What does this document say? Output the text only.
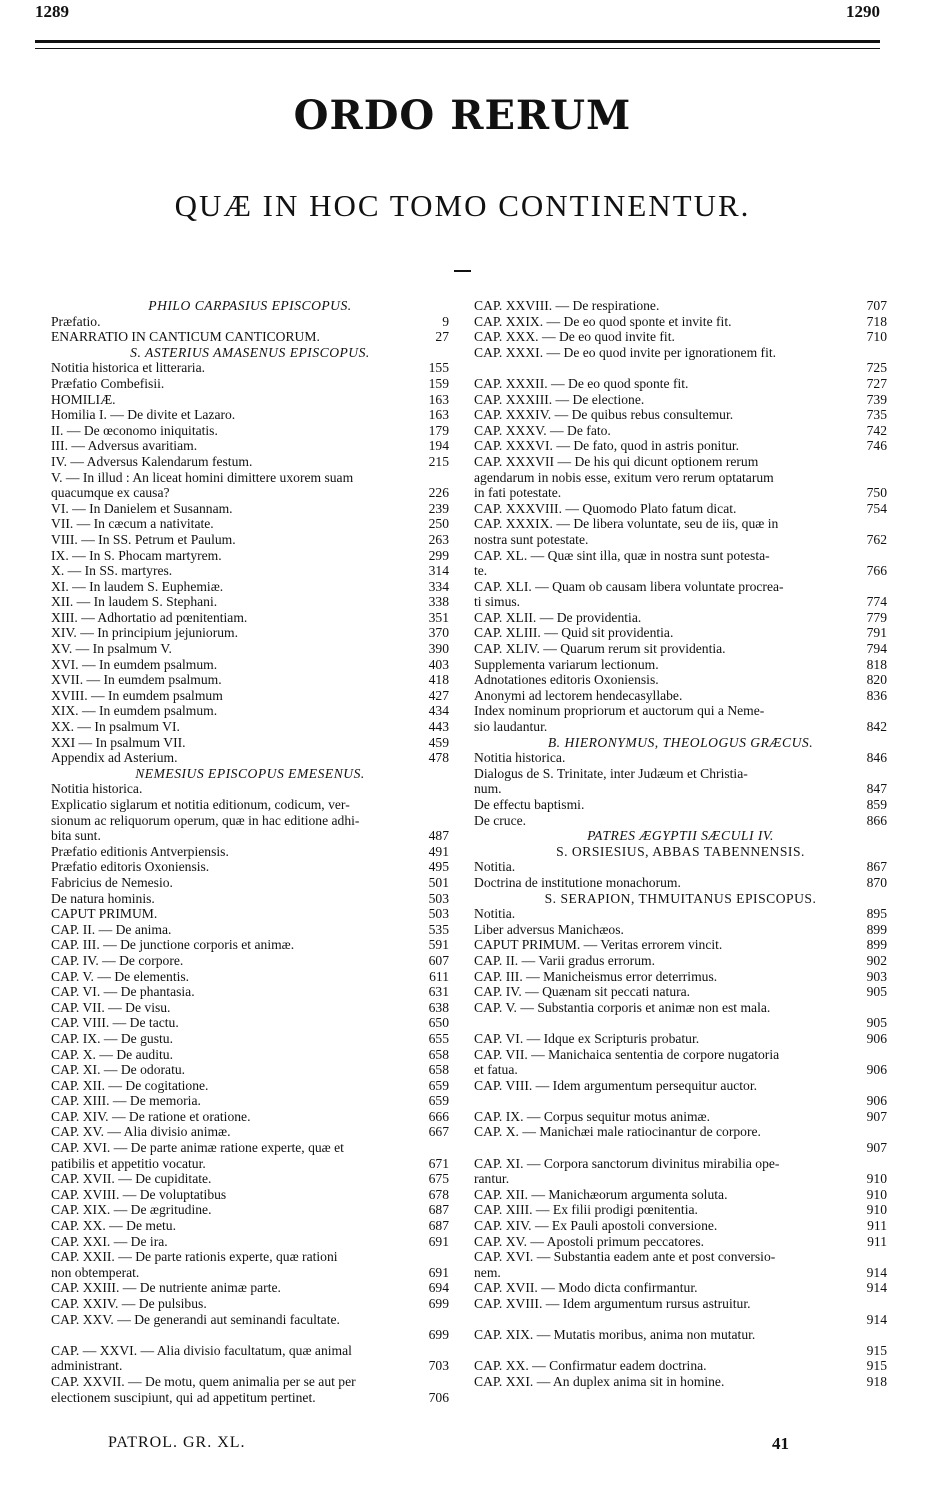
1289	1290
ORDO RERUM
QUÆ IN HOC TOMO CONTINENTUR.
PHILO CARPASIUS EPISCOPUS.
Præfatio.	9
ENARRATIO IN CANTICUM CANTICORUM.	27
S. ASTERIUS AMASENUS EPISCOPUS.
Notitia historica et litteraria.	155
Præfatio Combefisii.	159
HOMILIÆ.	163
Homilia I. — De divite et Lazaro.	163
II. — De œconomo iniquitatis.	179
III. — Adversus avaritiam.	194
IV. — Adversus Kalendarum festum.	215
V. — In illud : An liceat homini dimittere uxorem suam
quacumque ex causa?	226
VI. — In Danielem et Susannam.	239
VII. — In cæcum a nativitate.	250
VIII. — In SS. Petrum et Paulum.	263
IX. — In S. Phocam martyrem.	299
X. — In SS. martyres.	314
XI. — In laudem S. Euphemiæ.	334
XII. — In laudem S. Stephani.	338
XIII. — Adhortatio ad pœnitentiam.	351
XIV. — In principium jejuniorum.	370
XV. — In psalmum V.	390
XVI. — In eumdem psalmum.	403
XVII. — In eumdem psalmum.	418
XVIII. — In eumdem psalmum	427
XIX. — In eumdem psalmum.	434
XX. — In psalmum VI.	443
XXI — In psalmum VII.	459
Appendix ad Asterium.	478
NEMESIUS EPISCOPUS EMESENUS.
Notitia historica.
Explicatio siglarum et notitia editionum, codicum, ver-
sionum ac reliquorum operum, quæ in hac editione adhi-
bita sunt.	487
Præfatio editionis Antverpiensis.	491
Præfatio editoris Oxoniensis.	495
Fabricius de Nemesio.	501
De natura hominis.	503
CAPUT PRIMUM.	503
CAP. II. — De anima.	535
CAP. III. — De junctione corporis et animæ.	591
CAP. IV. — De corpore.	607
CAP. V. — De elementis.	611
CAP. VI. — De phantasia.	631
CAP. VII. — De visu.	638
CAP. VIII. — De tactu.	650
CAP. IX. — De gustu.	655
CAP. X. — De auditu.	658
CAP. XI. — De odoratu.	658
CAP. XII. — De cogitatione.	659
CAP. XIII. — De memoria.	659
CAP. XIV. — De ratione et oratione.	666
CAP. XV. — Alia divisio animæ.	667
CAP. XVI. — De parte animæ ratione experte, quæ et
patibilis et appetitio vocatur.	671
CAP. XVII. — De cupiditate.	675
CAP. XVIII. — De voluptatibus	678
CAP. XIX. — De ægritudine.	687
CAP. XX. — De metu.	687
CAP. XXI. — De ira.	691
CAP. XXII. — De parte rationis experte, quæ rationi
non obtemperat.	691
CAP. XXIII. — De nutriente animæ parte.	694
CAP. XXIV. — De pulsibus.	699
CAP. XXV. — De generandi aut seminandi facultate.
699
CAP. — XXVI. — Alia divisio facultatum, quæ animal
administrant.	703
CAP. XXVII. — De motu, quem animalia per se aut per
electionem suscipiunt, qui ad appetitum pertinet.	706
CAP. XXVIII. — De respiratione.	707
CAP. XXIX. — De eo quod sponte et invite fit.	718
CAP. XXX. — De eo quod invite fit.	710
CAP. XXXI. — De eo quod invite per ignorationem fit.
725
CAP. XXXII. — De eo quod sponte fit.	727
CAP. XXXIII. — De electione.	739
CAP. XXXIV. — De quibus rebus consultemur.	735
CAP. XXXV. — De fato.	742
CAP. XXXVI. — De fato, quod in astris ponitur.	746
CAP. XXXVII — De his qui dicunt optionem rerum
agendarum in nobis esse, exitum vero rerum optatarum
in fati potestate.	750
CAP. XXXVIII. — Quomodo Plato fatum dicat.	754
CAP. XXXIX. — De libera voluntate, seu de iis, quæ in
nostra sunt potestate.	762
CAP. XL. — Quæ sint illa, quæ in nostra sunt potesta-
te.	766
CAP. XLI. — Quam ob causam libera voluntate procrea-
ti simus.	774
CAP. XLII. — De providentia.	779
CAP. XLIII. — Quid sit providentia.	791
CAP. XLIV. — Quarum rerum sit providentia.	794
Supplementa variarum lectionum.	818
Adnotationes editoris Oxoniensis.	820
Anonymi ad lectorem hendecasyllabe.	836
Index nominum propriorum et auctorum qui a Neme-
sio laudantur.	842
B. HIERONYMUS, THEOLOGUS GRÆCUS.
Notitia historica.	846
Dialogus de S. Trinitate, inter Judæum et Christia-
num.	847
De effectu baptismi.	859
De cruce.	866
PATRES ÆGYPTII SÆCULI IV.
S. ORSIESIUS, ABBAS TABENNENSIS.
Notitia.	867
Doctrina de institutione monachorum.	870
S. SERAPION, THMUITANUS EPISCOPUS.
Notitia.	895
Liber adversus Manichæos.	899
CAPUT PRIMUM. — Veritas errorem vincit.	899
CAP. II. — Varii gradus errorum.	902
CAP. III. — Manicheismus error deterrimus.	903
CAP. IV. — Quænam sit peccati natura.	905
CAP. V. — Substantia corporis et animæ non est mala.
905
CAP. VI. — Idque ex Scripturis probatur.	906
CAP. VII. — Manichaica sententia de corpore nugatoria
et fatua.	906
CAP. VIII. — Idem argumentum persequitur auctor.
906
CAP. IX. — Corpus sequitur motus animæ.	907
CAP. X. — Manichæi male ratiocinantur de corpore.
907
CAP. XI. — Corpora sanctorum divinitus mirabilia ope-
rantur.	910
CAP. XII. — Manichæorum argumenta soluta.	910
CAP. XIII. — Ex filii prodigi pœnitentia.	910
CAP. XIV. — Ex Pauli apostoli conversione.	911
CAP. XV. — Apostoli primum peccatores.	911
CAP. XVI. — Substantia eadem ante et post conversio-
nem.	914
CAP. XVII. — Modo dicta confirmantur.	914
CAP. XVIII. — Idem argumentum rursus astruitur.
914
CAP. XIX. — Mutatis moribus, anima non mutatur.
915
CAP. XX. — Confirmatur eadem doctrina.	915
CAP. XXI. — An duplex anima sit in homine.	918
PATROL. GR. XL.	41
